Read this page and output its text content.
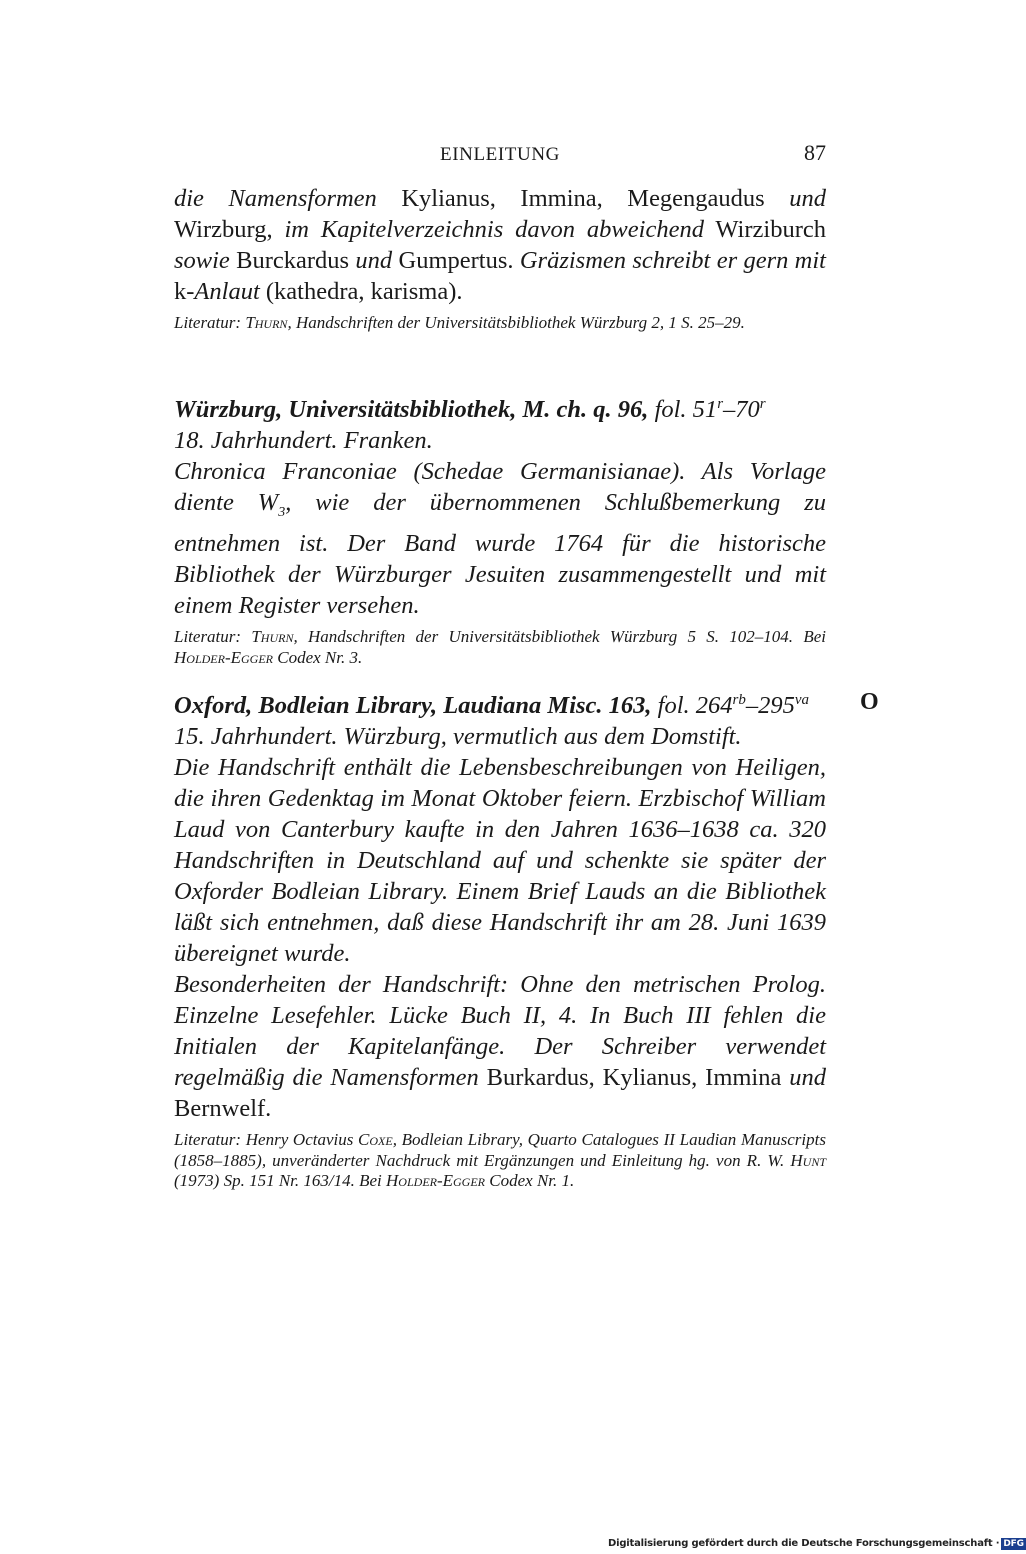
EINLEITUNG	87

die Namensformen Kylianus, Immina, Megengaudus und Wirzburg, im Kapitelverzeichnis davon abweichend Wirziburch sowie Burckardus und Gumpertus. Gräzismen schreibt er gern mit k-Anlaut (kathedra, karisma).

Literatur: Thurn, Handschriften der Universitätsbibliothek Würzburg 2, 1 S. 25–29.

Würzburg, Universitätsbibliothek, M. ch. q. 96, fol. 51$^r$–70$^r$

18. Jahrhundert. Franken.

Chronica Franconiae (Schedae Germanisianae). Als Vorlage diente $W_3$, wie der übernommenen Schlußbemerkung zu entnehmen ist. Der Band wurde 1764 für die historische Bibliothek der Würzburger Jesuiten zusammengestellt und mit einem Register versehen.

Literatur: Thurn, Handschriften der Universitätsbibliothek Würzburg 5 S. 102–104. Bei Holder-Egger Codex Nr. 3.

O

Oxford, Bodleian Library, Laudiana Misc. 163, fol. $264^{rb}-295^{va}$

15. Jahrhundert. Würzburg, vermutlich aus dem Domstift.

Die Handschrift enthält die Lebensbeschreibungen von Heiligen, die ihren Gedenktag im Monat Oktober feiern. Erzbischof William Laud von Canterbury kaufte in den Jahren 1636–1638 ca. 320 Handschriften in Deutschland auf und schenkte sie später der Oxforder Bodleian Library. Einem Brief Lauds an die Bibliothek läßt sich entnehmen, daß diese Handschrift ihr am 28. Juni 1639 übereignet wurde.

Besonderheiten der Handschrift: Ohne den metrischen Prolog. Einzelne Lesefehler. Lücke Buch II, 4. In Buch III fehlen die Initialen der Kapitelanfänge. Der Schreiber verwendet regelmäßig die Namensformen Burkardus, Kylianus, Immina und Bernwelf.

Literatur: Henry Octavius Coxe, Bodleian Library, Quarto Catalogues II Laudian Manuscripts (1858–1885), unveränderter Nachdruck mit Ergänzungen und Einleitung hg. von R. W. Hunt (1973) Sp. 151 Nr. 163/14. Bei Holder-Egger Codex Nr. 1.

Digitalisierung gefördert durch die Deutsche Forschungsgemeinschaft · DFG
